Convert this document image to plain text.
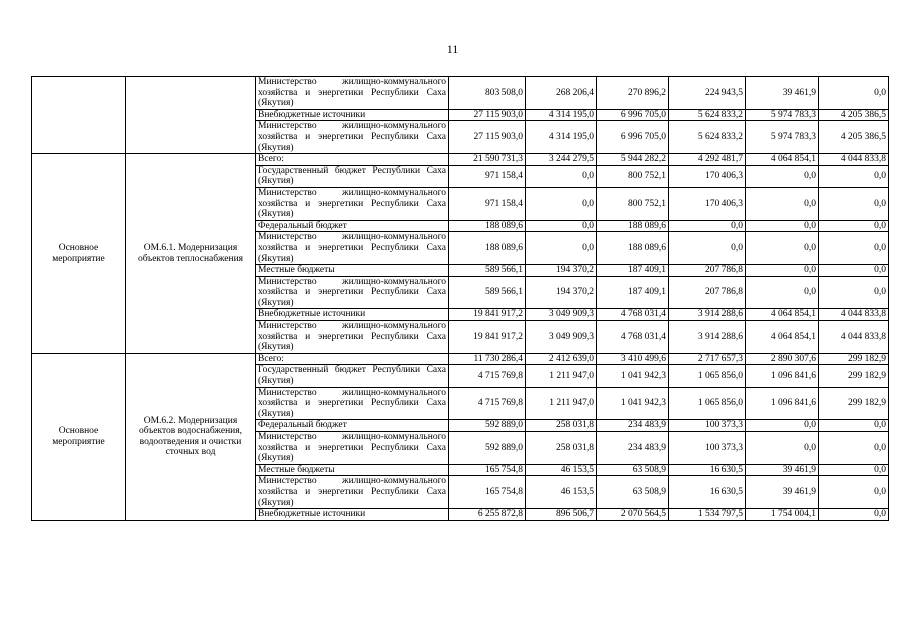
11
		Министерство жилищно-коммунального хозяйства и энергетики Республики Саха (Якутия)	803 508,0	268 206,4	270 896,2	224 943,5	39 461,9	0,0
		Внебюджетные источники	27 115 903,0	4 314 195,0	6 996 705,0	5 624 833,2	5 974 783,3	4 205 386,5
		Министерство жилищно-коммунального хозяйства и энергетики Республики Саха (Якутия)	27 115 903,0	4 314 195,0	6 996 705,0	5 624 833,2	5 974 783,3	4 205 386,5
Основное мероприятие	ОМ.6.1. Модернизация объектов теплоснабжения	Всего:	21 590 731,3	3 244 279,5	5 944 282,2	4 292 481,7	4 064 854,1	4 044 833,8
		Государственный бюджет Республики Саха (Якутия)	971 158,4	0,0	800 752,1	170 406,3	0,0	0,0
		Министерство жилищно-коммунального хозяйства и энергетики Республики Саха (Якутия)	971 158,4	0,0	800 752,1	170 406,3	0,0	0,0
		Федеральный бюджет	188 089,6	0,0	188 089,6	0,0	0,0	0,0
		Министерство жилищно-коммунального хозяйства и энергетики Республики Саха (Якутия)	188 089,6	0,0	188 089,6	0,0	0,0	0,0
		Местные бюджеты	589 566,1	194 370,2	187 409,1	207 786,8	0,0	0,0
		Министерство жилищно-коммунального хозяйства и энергетики Республики Саха (Якутия)	589 566,1	194 370,2	187 409,1	207 786,8	0,0	0,0
		Внебюджетные источники	19 841 917,2	3 049 909,3	4 768 031,4	3 914 288,6	4 064 854,1	4 044 833,8
		Министерство жилищно-коммунального хозяйства и энергетики Республики Саха (Якутия)	19 841 917,2	3 049 909,3	4 768 031,4	3 914 288,6	4 064 854,1	4 044 833,8
Основное мероприятие	ОМ.6.2. Модернизация объектов водоснабжения, водоотведения и очистки сточных вод	Всего:	11 730 286,4	2 412 639,0	3 410 499,6	2 717 657,3	2 890 307,6	299 182,9
		Государственный бюджет Республики Саха (Якутия)	4 715 769,8	1 211 947,0	1 041 942,3	1 065 856,0	1 096 841,6	299 182,9
		Министерство жилищно-коммунального хозяйства и энергетики Республики Саха (Якутия)	4 715 769,8	1 211 947,0	1 041 942,3	1 065 856,0	1 096 841,6	299 182,9
		Федеральный бюджет	592 889,0	258 031,8	234 483,9	100 373,3	0,0	0,0
		Министерство жилищно-коммунального хозяйства и энергетики Республики Саха (Якутия)	592 889,0	258 031,8	234 483,9	100 373,3	0,0	0,0
		Местные бюджеты	165 754,8	46 153,5	63 508,9	16 630,5	39 461,9	0,0
		Министерство жилищно-коммунального хозяйства и энергетики Республики Саха (Якутия)	165 754,8	46 153,5	63 508,9	16 630,5	39 461,9	0,0
		Внебюджетные источники	6 255 872,8	896 506,7	2 070 564,5	1 534 797,5	1 754 004,1	0,0
